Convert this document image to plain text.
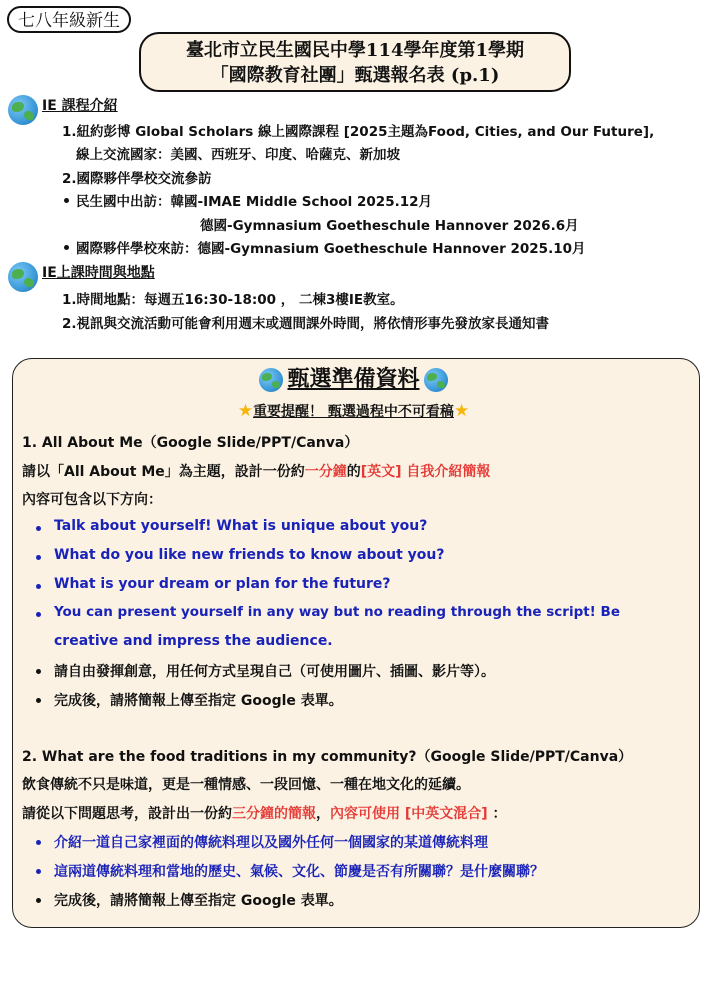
七八年級新生
臺北市立民生國民中學114學年度第1學期
「國際教育社團」甄選報名表 (p.1)
IE 課程介紹
1.紐約彭博 Global Scholars 線上國際課程 [2025主題為Food, Cities, and Our Future],
線上交流國家：美國、西班牙、印度、哈薩克、新加坡
2.國際夥伴學校交流參訪
民生國中出訪：韓國-IMAE Middle School 2025.12月
德國-Gymnasium Goetheschule Hannover 2026.6月
國際夥伴學校來訪：德國-Gymnasium Goetheschule Hannover 2025.10月
IE上課時間與地點
1.時間地點：每週五16:30-18:00 ， 二棟3樓IE教室。
2.視訊與交流活動可能會利用週末或週間課外時間，將依情形事先發放家長通知書
甄選準備資料
★重要提醒！ 甄選過程中不可看稿★
1. All About Me（Google Slide/PPT/Canva）
請以「All About Me」為主題，設計一份約一分鐘的[英文] 自我介紹簡報
內容可包含以下方向：
Talk about yourself! What is unique about you?
What do you like new friends to know about you?
What is your dream or plan for the future?
You can present yourself in any way but no reading through the script! Be
creative and impress the audience.
請自由發揮創意，用任何方式呈現自己（可使用圖片、插圖、影片等）。
完成後，請將簡報上傳至指定 Google 表單。
2. What are the food traditions in my community?（Google Slide/PPT/Canva）
飲食傳統不只是味道，更是一種情感、一段回憶、一種在地文化的延續。
請從以下問題思考，設計出一份約三分鐘的簡報，內容可使用 [中英文混合] ：
介紹一道自己家裡面的傳統料理以及國外任何一個國家的某道傳統料理
這兩道傳統料理和當地的歷史、氣候、文化、節慶是否有所關聯？是什麼關聯？
完成後，請將簡報上傳至指定 Google 表單。
